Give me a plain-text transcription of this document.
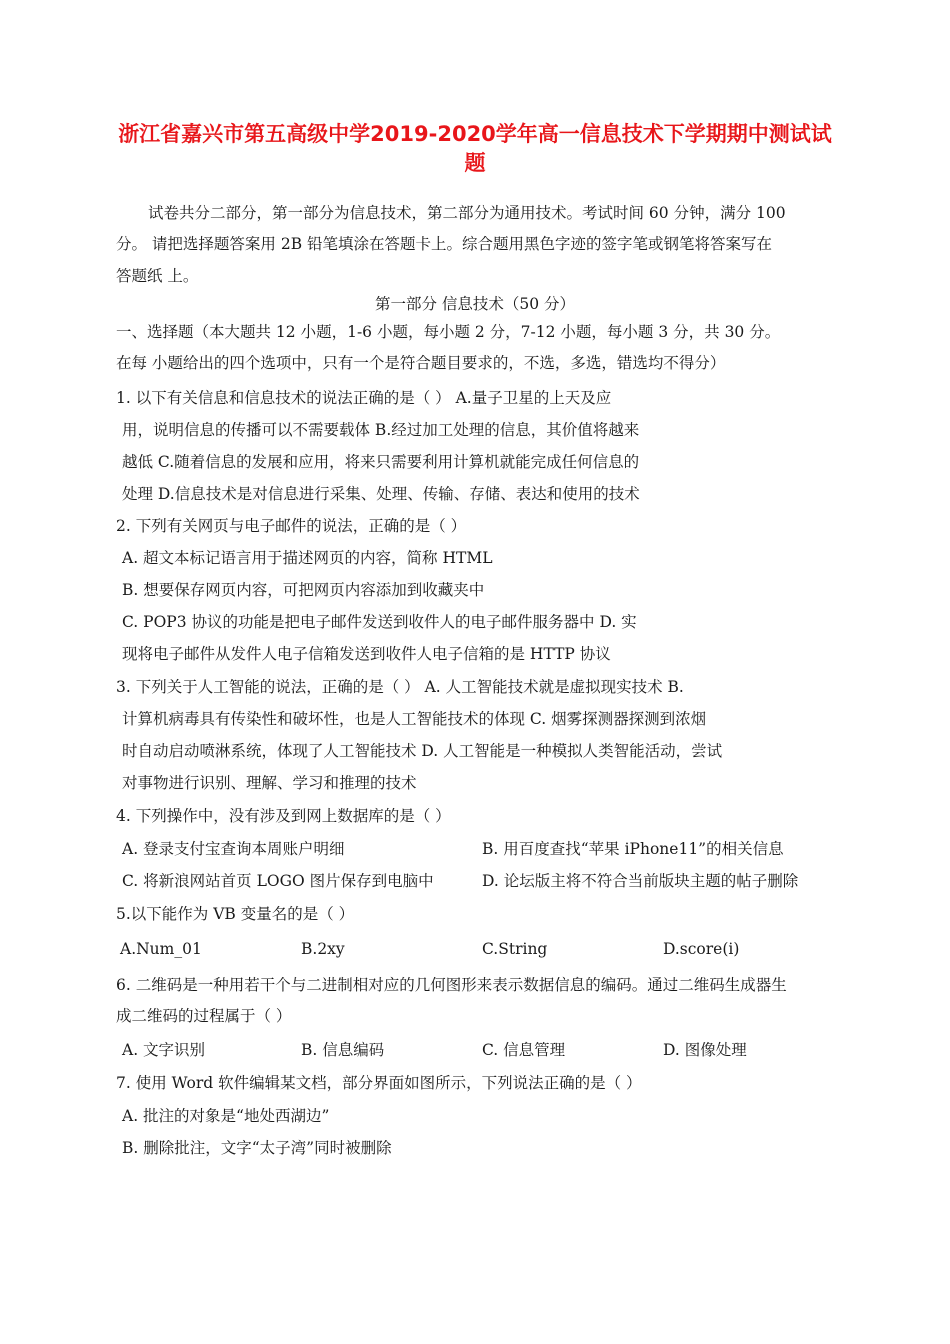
浙江省嘉兴市第五高级中学2019-2020学年高一信息技术下学期期中测试试
题
试卷共分二部分，第一部分为信息技术，第二部分为通用技术。考试时间 60 分钟，满分 100
分。 请把选择题答案用 2B 铅笔填涂在答题卡上。综合题用黑色字迹的签字笔或钢笔将答案写在
答题纸 上。
第一部分 信息技术（50 分）
一、选择题（本大题共 12 小题，1-6 小题，每小题 2 分，7-12 小题，每小题 3 分，共 30 分。
在每 小题给出的四个选项中，只有一个是符合题目要求的，不选，多选，错选均不得分）
1. 以下有关信息和信息技术的说法正确的是（ ） A.量子卫星的上天及应
用，说明信息的传播可以不需要载体 B.经过加工处理的信息，其价值将越来
越低 C.随着信息的发展和应用，将来只需要利用计算机就能完成任何信息的
处理 D.信息技术是对信息进行采集、处理、传输、存储、表达和使用的技术
2. 下列有关网页与电子邮件的说法，正确的是（ ）
A. 超文本标记语言用于描述网页的内容，简称 HTML
B. 想要保存网页内容，可把网页内容添加到收藏夹中
C. POP3 协议的功能是把电子邮件发送到收件人的电子邮件服务器中 D. 实
现将电子邮件从发件人电子信箱发送到收件人电子信箱的是 HTTP 协议
3. 下列关于人工智能的说法，正确的是（ ） A. 人工智能技术就是虚拟现实技术 B.
计算机病毒具有传染性和破坏性，也是人工智能技术的体现 C. 烟雾探测器探测到浓烟
时自动启动喷淋系统，体现了人工智能技术 D. 人工智能是一种模拟人类智能活动，尝试
对事物进行识别、理解、学习和推理的技术
4. 下列操作中，没有涉及到网上数据库的是（ ）
A. 登录支付宝查询本周账户明细	B. 用百度查找“苹果 iPhone11”的相关信息
C. 将新浪网站首页 LOGO 图片保存到电脑中	D. 论坛版主将不符合当前版块主题的帖子删除
5.以下能作为 VB 变量名的是（ ）
A.Num_01	B.2xy	C.String	D.score(i)
6. 二维码是一种用若干个与二进制相对应的几何图形来表示数据信息的编码。通过二维码生成器生
成二维码的过程属于（ ）
A. 文字识别	B. 信息编码	C. 信息管理	D. 图像处理
7. 使用 Word 软件编辑某文档，部分界面如图所示，下列说法正确的是（ ）
A. 批注的对象是“地处西湖边”
B. 删除批注，文字“太子湾”同时被删除
